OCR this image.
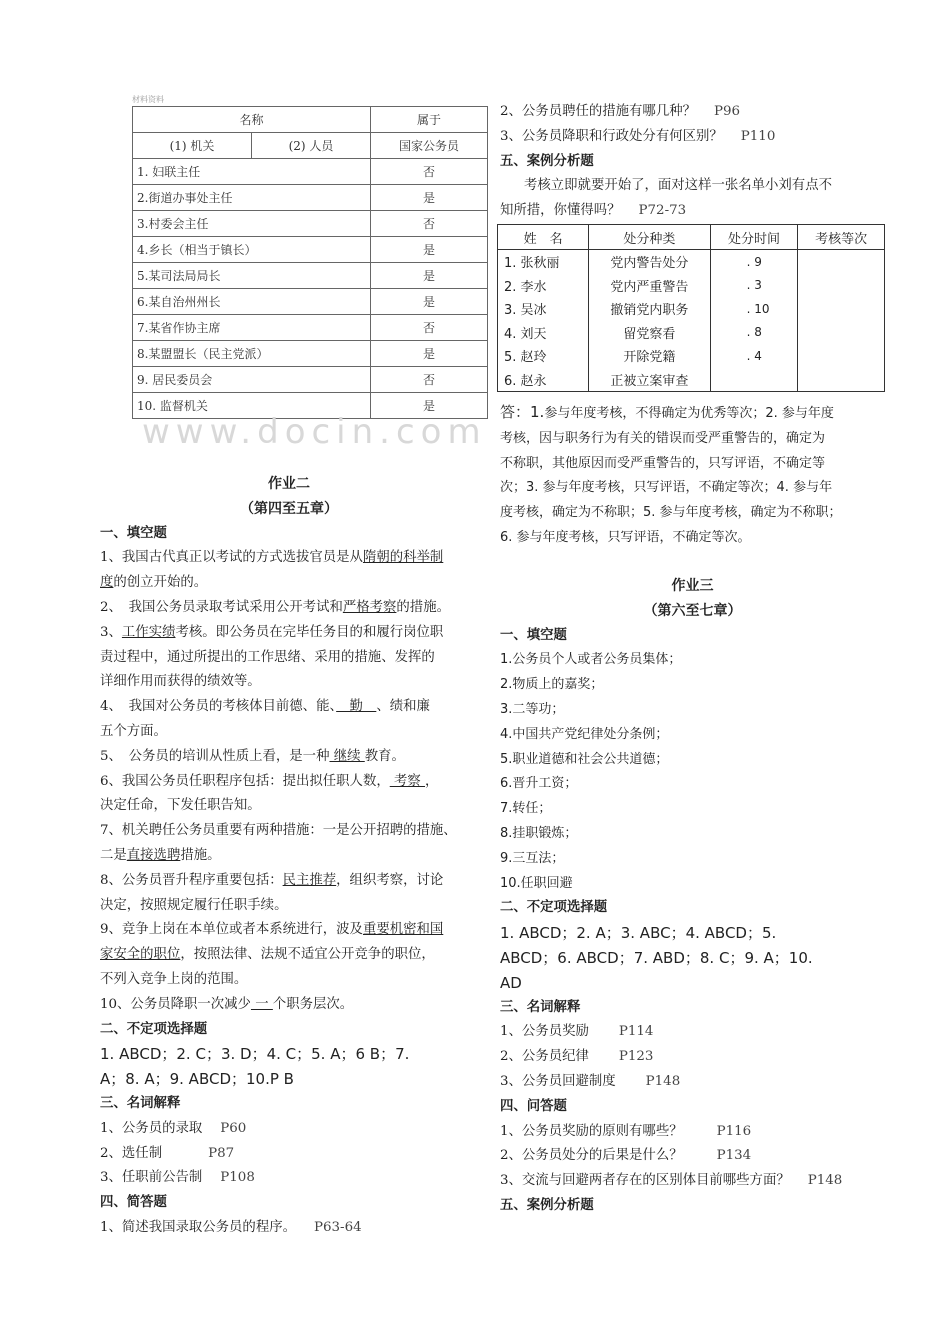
材料资料
名称		属于
(1) 机关	(2) 人员	国家公务员
1. 妇联主任		否
2.街道办事处主任		是
3.村委会主任		否
4.乡长（相当于镇长）		是
5.某司法局局长		是
6.某自治州州长		是
7.某省作协主席		否
8.某盟盟长（民主党派）		是
9. 居民委员会		否
10. 监督机关		是
www.docin.com
作业二
（第四至五章）
一、填空题
1、我国古代真正以考试的方式选拔官员是从隋朝的科举制
度的创立开始的。
2、　我国公务员录取考试采用公开考试和严格考察的措施。
3、工作实绩考核。即公务员在完毕任务目的和履行岗位职
责过程中，通过所提出的工作思绪、采用的措施、发挥的
详细作用而获得的绩效等。
4、　我国对公务员的考核体目前德、能、　勤　、绩和廉
五个方面。
5、　公务员的培训从性质上看，是一种 继续 教育。
6、我国公务员任职程序包括：提出拟任职人数， 考察 ，
决定任命，下发任职告知。
7、机关聘任公务员重要有两种措施：一是公开招聘的措施、
二是直接选聘措施。
8、公务员晋升程序重要包括：民主推荐，组织考察，讨论
决定，按照规定履行任职手续。
9、竞争上岗在本单位或者本系统进行，波及重要机密和国
家安全的职位，按照法律、法规不适宜公开竞争的职位，
不列入竞争上岗的范围。
10、公务员降职一次减少 一 个职务层次。
二、不定项选择题
1. ABCD；2. C；3. D；4. C；5. A；6 B；7.
A；8. A；9. ABCD；10.P B
三、名词解释
1、公务员的录取 P60
2、选任制	P87
3、任职前公告制 P108
四、简答题
1、简述我国录取公务员的程序。 P63-64
2、公务员聘任的措施有哪几种？ P96
3、公务员降职和行政处分有何区别？ P110
五、案例分析题
考核立即就要开始了，面对这样一张名单小刘有点不
知所措，你懂得吗？ P72-73
姓　名	处分种类	处分时间	考核等次
1. 张秋丽	党内警告处分	. 9	
2. 李水	党内严重警告	. 3	
3. 吴冰	撤销党内职务	. 10	
4. 刘天	留党察看	. 8	
5. 赵玲	开除党籍	. 4	
6. 赵永	正被立案审查		
答：1.参与年度考核，不得确定为优秀等次；2. 参与年度
考核，因与职务行为有关的错误而受严重警告的，确定为
不称职，其他原因而受严重警告的，只写评语，不确定等
次；3. 参与年度考核，只写评语，不确定等次；4. 参与年
度考核，确定为不称职；5. 参与年度考核，确定为不称职；
6. 参与年度考核，只写评语，不确定等次。
作业三
（第六至七章）
一、填空题
1.公务员个人或者公务员集体；
2.物质上的嘉奖；
3.二等功；
4.中国共产党纪律处分条例；
5.职业道德和社会公共道德；
6.晋升工资；
7.转任；
8.挂职锻炼；
9.三互法；
10.任职回避
二、不定项选择题
1. ABCD；2. A；3. ABC；4. ABCD；5.
ABCD；6. ABCD；7. ABD；8. C；9. A；10.
AD
三、名词解释
1、公务员奖励 P114
2、公务员纪律 P123
3、公务员回避制度 P148
四、问答题
1、公务员奖励的原则有哪些？	P116
2、公务员处分的后果是什么？	P134
3、交流与回避两者存在的区别体目前哪些方面？ P148
五、案例分析题
